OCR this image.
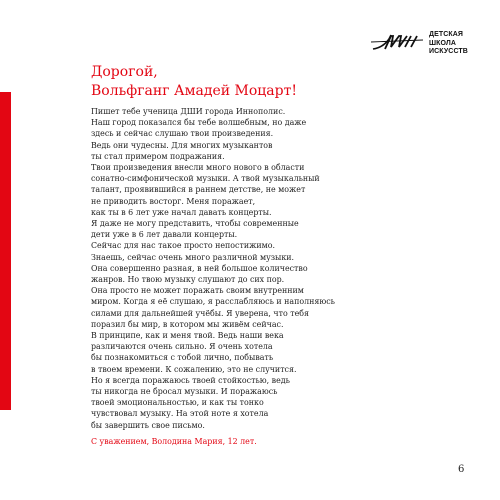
ДЕТСКАЯ
ШКОЛА
ИСКУССТВ
Дорогой,
Вольфганг Амадей Моцарт!
Пишет тебе ученица ДШИ города Иннополис.
Наш город показался бы тебе волшебным, но даже
здесь и сейчас слушаю твои произведения.
Ведь они чудесны. Для многих музыкантов
ты стал примером подражания.
Твои произведения внесли много нового в области
сонатно-симфонической музыки. А твой музыкальный
талант, проявившийся в раннем детстве, не может
не приводить восторг. Меня поражает,
как ты в 6 лет уже начал давать концерты.
Я даже не могу представить, чтобы современные
дети уже в 6 лет давали концерты.
Сейчас для нас такое просто непостижимо.
Знаешь, сейчас очень много различной музыки.
Она совершенно разная, в ней большое количество
жанров. Но твою музыку слушают до сих пор.
Она просто не может поражать своим внутренним
миром. Когда я её слушаю, я расслабляюсь и наполняюсь
силами для дальнейшей учёбы. Я уверена, что тебя
поразил бы мир, в котором мы живём сейчас.
В принципе, как и меня твой. Ведь наши века
различаются очень сильно. Я очень хотела
бы познакомиться с тобой лично, побывать
в твоем времени. К сожалению, это не случится.
Но я всегда поражаюсь твоей стойкостью, ведь
ты никогда не бросал музыки. И поражаюсь
твоей эмоциональностью, и как ты тонко
чувствовал музыку. На этой ноте я хотела
бы завершить свое письмо.
С уважением, Володина Мария, 12 лет.
6
